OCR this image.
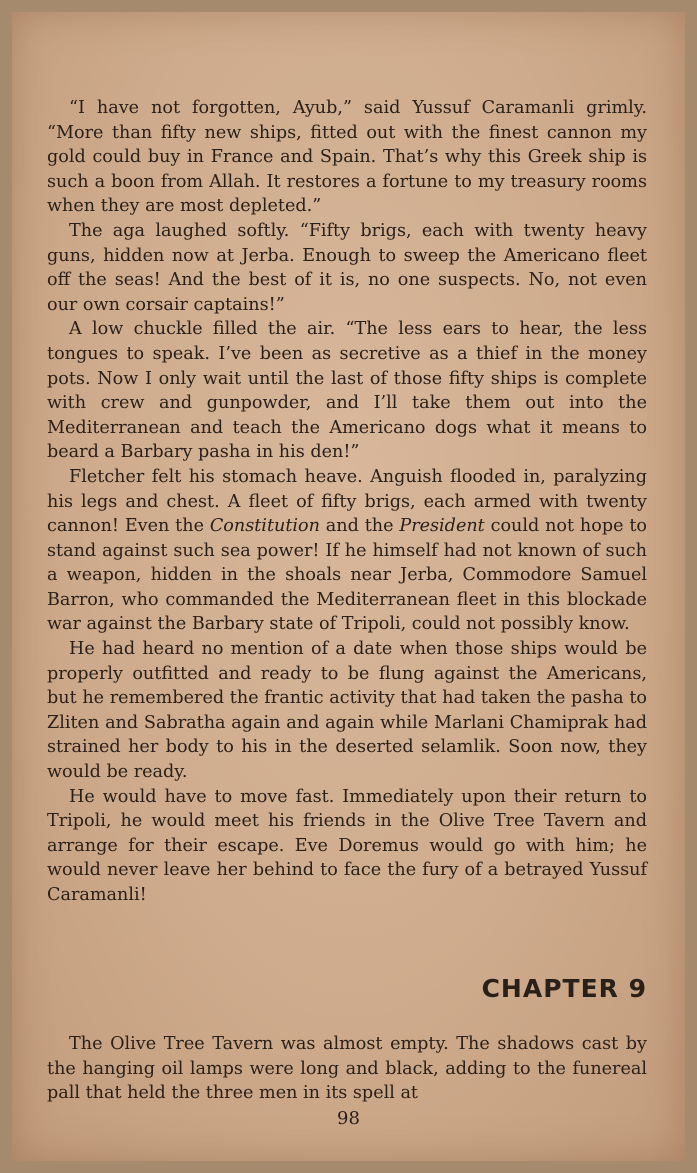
“I have not forgotten, Ayub,” said Yussuf Caramanli grimly. “More than fifty new ships, fitted out with the finest cannon my gold could buy in France and Spain. That’s why this Greek ship is such a boon from Allah. It restores a fortune to my treasury rooms when they are most depleted.”

The aga laughed softly. “Fifty brigs, each with twenty heavy guns, hidden now at Jerba. Enough to sweep the Americano fleet off the seas! And the best of it is, no one suspects. No, not even our own corsair captains!”

A low chuckle filled the air. “The less ears to hear, the less tongues to speak. I’ve been as secretive as a thief in the money pots. Now I only wait until the last of those fifty ships is complete with crew and gunpowder, and I’ll take them out into the Mediterranean and teach the Americano dogs what it means to beard a Barbary pasha in his den!”

Fletcher felt his stomach heave. Anguish flooded in, paralyzing his legs and chest. A fleet of fifty brigs, each armed with twenty cannon! Even the Constitution and the President could not hope to stand against such sea power! If he himself had not known of such a weapon, hidden in the shoals near Jerba, Commodore Samuel Barron, who commanded the Mediterranean fleet in this blockade war against the Barbary state of Tripoli, could not possibly know.

He had heard no mention of a date when those ships would be properly outfitted and ready to be flung against the Americans, but he remembered the frantic activity that had taken the pasha to Zliten and Sabratha again and again while Marlani Chamiprak had strained her body to his in the deserted selamlik. Soon now, they would be ready.

He would have to move fast. Immediately upon their return to Tripoli, he would meet his friends in the Olive Tree Tavern and arrange for their escape. Eve Doremus would go with him; he would never leave her behind to face the fury of a betrayed Yussuf Caramanli!

CHAPTER 9

The Olive Tree Tavern was almost empty. The shadows cast by the hanging oil lamps were long and black, adding to the funereal pall that held the three men in its spell at

98
